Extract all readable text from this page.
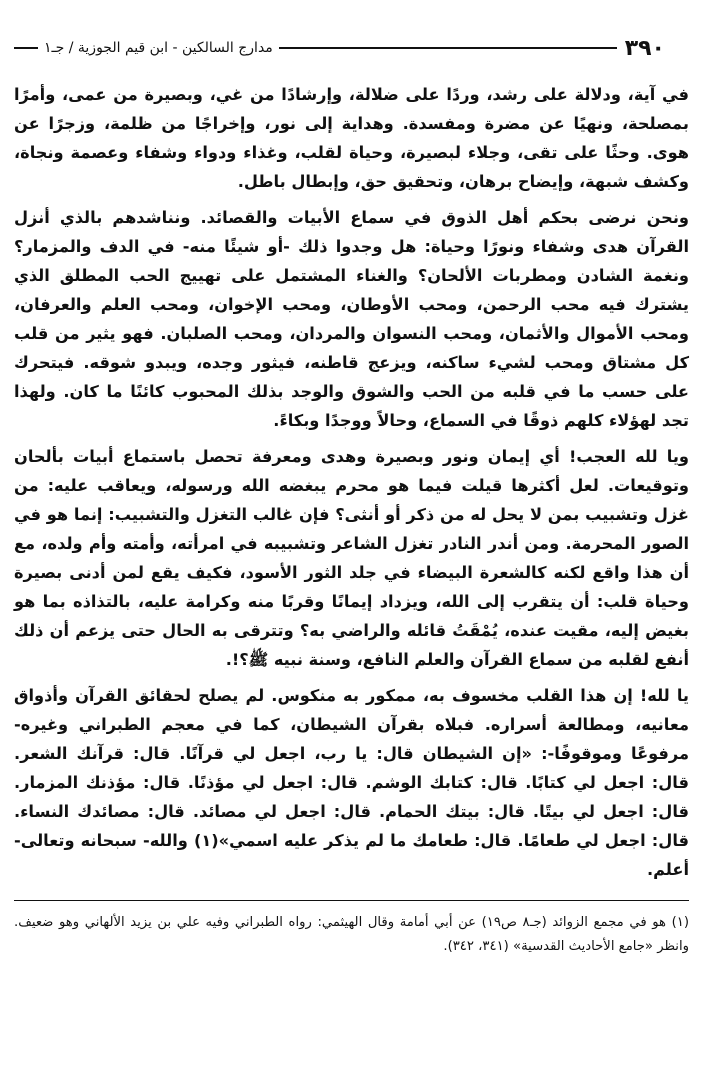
٣٩٠
مدارج السالكين - ابن قيم الجوزية / جـ١

في آية، ودلالة على رشد، وردًا على ضلالة، وإرشادًا من غي، وبصيرة من عمى، وأمرًا بمصلحة، ونهيًا عن مضرة ومفسدة. وهداية إلى نور، وإخراجًا من ظلمة، وزجرًا عن هوى. وحثًا على تقى، وجلاء لبصيرة، وحياة لقلب، وغذاء ودواء وشفاء وعصمة ونجاة، وكشف شبهة، وإيضاح برهان، وتحقيق حق، وإبطال باطل.

ونحن نرضى بحكم أهل الذوق في سماع الأبيات والقصائد. ونناشدهم بالذي أنزل القرآن هدى وشفاء ونورًا وحياة: هل وجدوا ذلك -أو شيئًا منه- في الدف والمزمار؟ ونغمة الشادن ومطربات الألحان؟ والغناء المشتمل على تهييج الحب المطلق الذي يشترك فيه محب الرحمن، ومحب الأوطان، ومحب الإخوان، ومحب العلم والعرفان، ومحب الأموال والأثمان، ومحب النسوان والمردان، ومحب الصلبان. فهو يثير من قلب كل مشتاق ومحب لشيء ساكنه، ويزعج قاطنه، فيثور وجده، ويبدو شوقه. فيتحرك على حسب ما في قلبه من الحب والشوق والوجد بذلك المحبوب كائنًا ما كان. ولهذا تجد لهؤلاء كلهم ذوقًا في السماع، وحالاً ووجدًا وبكاءً.

ويا لله العجب! أي إيمان ونور وبصيرة وهدى ومعرفة تحصل باستماع أبيات بألحان وتوقيعات. لعل أكثرها قيلت فيما هو محرم يبغضه الله ورسوله، ويعاقب عليه: من غزل وتشبيب بمن لا يحل له من ذكر أو أنثى؟ فإن غالب التغزل والتشبيب: إنما هو في الصور المحرمة. ومن أندر النادر تغزل الشاعر وتشبيبه في امرأته، وأمته وأم ولده، مع أن هذا واقع لكنه كالشعرة البيضاء في جلد الثور الأسود، فكيف يقع لمن أدنى بصيرة وحياة قلب: أن يتقرب إلى الله، ويزداد إيمانًا وقربًا منه وكرامة عليه، بالتذاذه بما هو بغيض إليه، مقيت عنده، يُمْقَتُ قائله والراضي به؟ وتترقى به الحال حتى يزعم أن ذلك أنفع لقلبه من سماع القرآن والعلم النافع، وسنة نبيه ﷺ؟!.

يا لله! إن هذا القلب مخسوف به، ممكور به منكوس. لم يصلح لحقائق القرآن وأذواق معانيه، ومطالعة أسراره. فبلاه بقرآن الشيطان، كما في معجم الطبراني وغيره- مرفوعًا وموقوفًا-: «إن الشيطان قال: يا رب، اجعل لي قرآنًا. قال: قرآنك الشعر. قال: اجعل لي كتابًا. قال: كتابك الوشم. قال: اجعل لي مؤذنًا. قال: مؤذنك المزمار. قال: اجعل لي بيتًا. قال: بيتك الحمام. قال: اجعل لي مصائد. قال: مصائدك النساء. قال: اجعل لي طعامًا. قال: طعامك ما لم يذكر عليه اسمي»(١) والله- سبحانه وتعالى- أعلم.

(١) هو في مجمع الزوائد (جـ٨ ص١٩) عن أبي أمامة وقال الهيثمي: رواه الطبراني وفيه علي بن يزيد الألهاني وهو ضعيف. وانظر «جامع الأحاديث القدسية» (٣٤١، ٣٤٢).
